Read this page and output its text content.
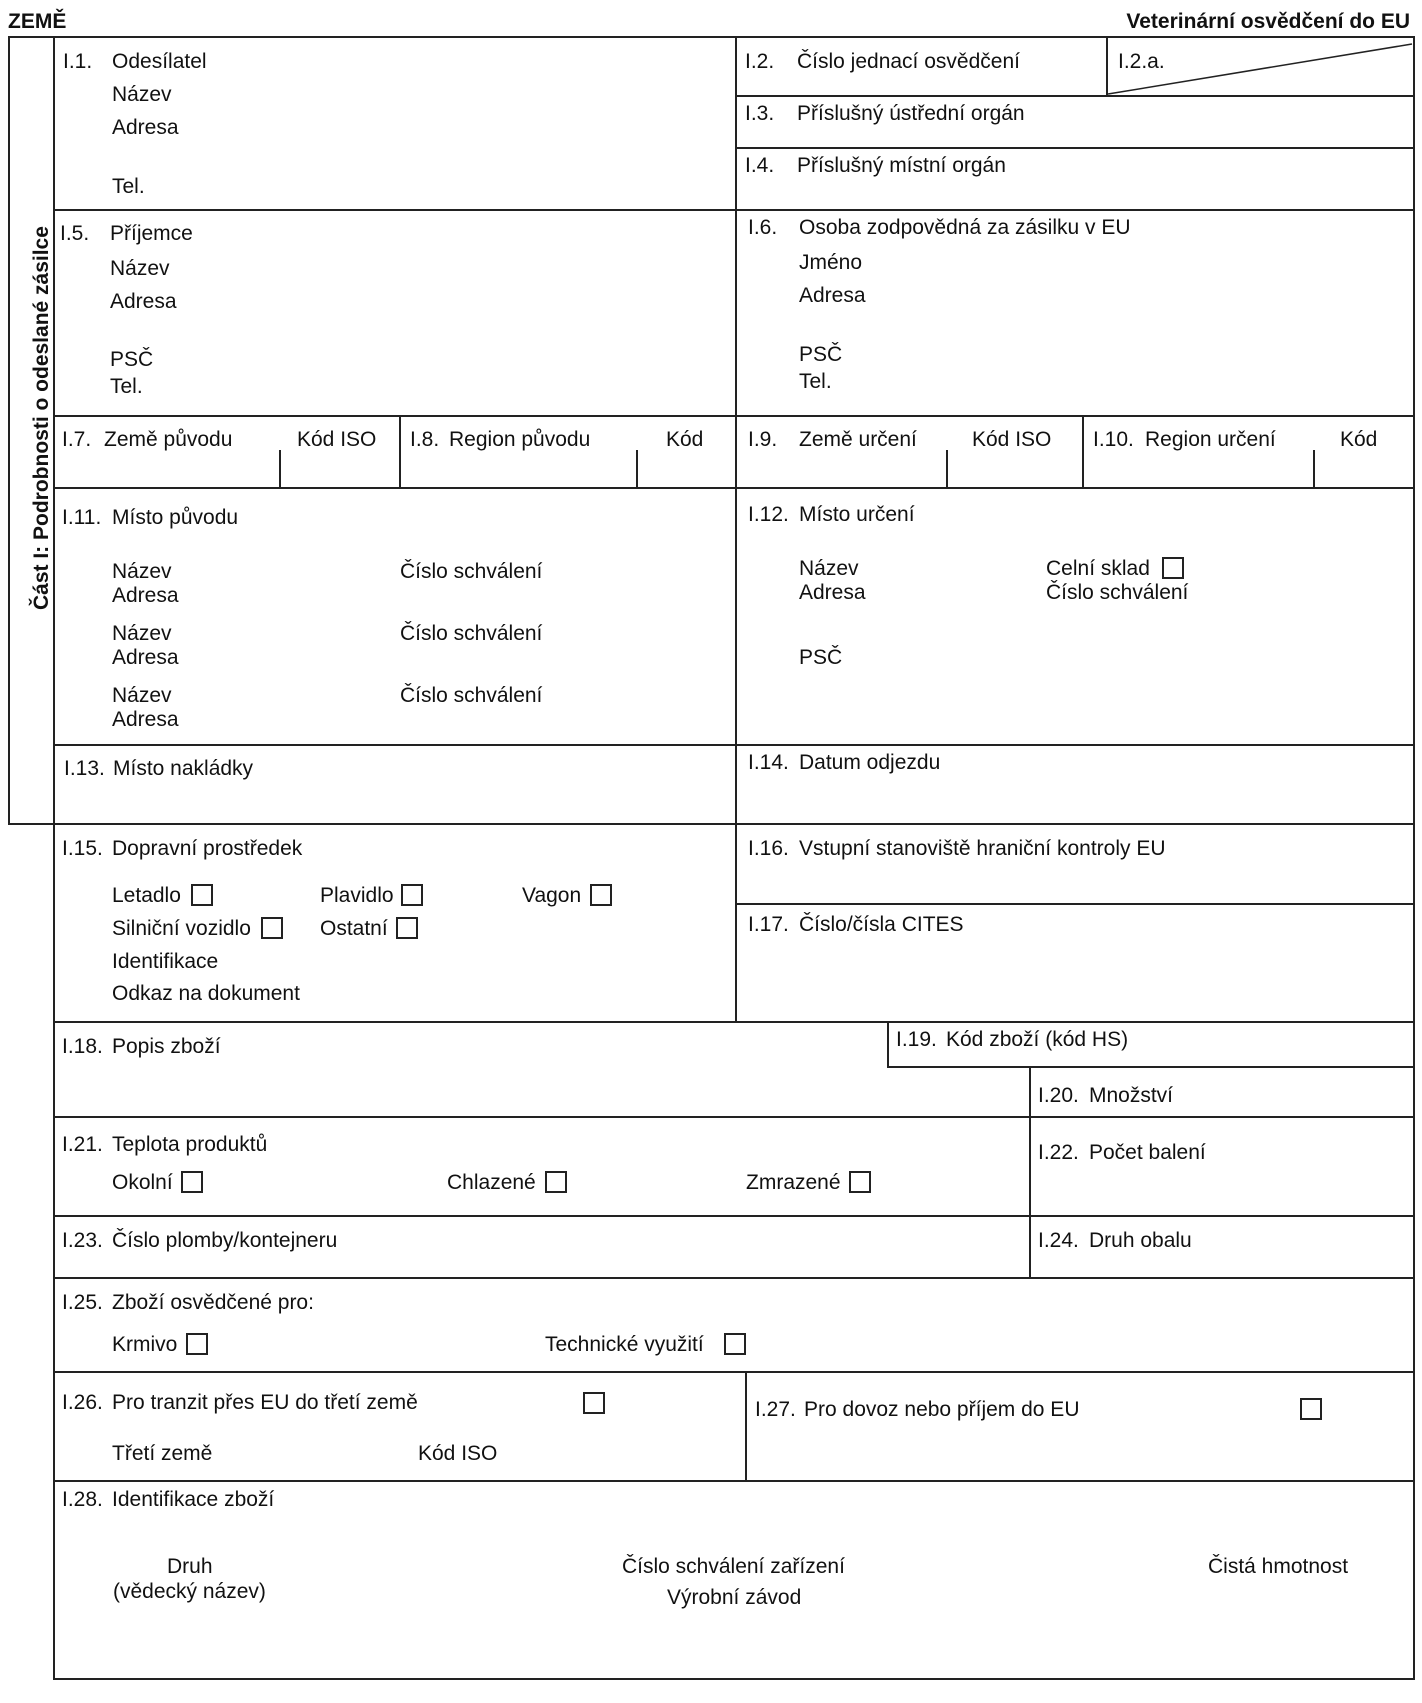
ZEMĚ	Veterinární osvědčení do EU
Část I: Podrobnosti o odeslané zásilce
I.1. Odesílatel
Název
Adresa
Tel.
I.2. Číslo jednací osvědčení	I.2.a.
I.3. Příslušný ústřední orgán
I.4. Příslušný místní orgán
I.5. Příjemce
Název
Adresa
PSČ
Tel.
I.6. Osoba zodpovědná za zásilku v EU
Jméno
Adresa
PSČ
Tel.
I.7. Země původu	Kód ISO I.8. Region původu	Kód I.9. Země určení	Kód ISO I.10. Region určení	Kód
I.11. Místo původu
Název
Adresa
Číslo schválení
Název
Adresa
Číslo schválení
Název
Adresa
Číslo schválení
I.12. Místo určení
Název
Adresa
PSČ
Celní sklad
Číslo schválení
I.13. Místo nakládky	I.14. Datum odjezdu
I.15. Dopravní prostředek
Letadlo	Plavidlo	Vagon
Silniční vozidlo	Ostatní
Identifikace
Odkaz na dokument
I.16. Vstupní stanoviště hraniční kontroly EU
I.17. Číslo/čísla CITES
I.18. Popis zboží	I.19. Kód zboží (kód HS)
I.20. Množství
I.21. Teplota produktů
Okolní	Chlazené	Zmrazené
I.22. Počet balení
I.23. Číslo plomby/kontejneru	I.24. Druh obalu
I.25. Zboží osvědčené pro:
Krmivo	Technické využití
I.26. Pro tranzit přes EU do třetí země
Třetí země	Kód ISO
I.27. Pro dovoz nebo příjem do EU
I.28. Identifikace zboží
Druh
(vědecký název)
Číslo schválení zařízení
Výrobní závod
Čistá hmotnost
